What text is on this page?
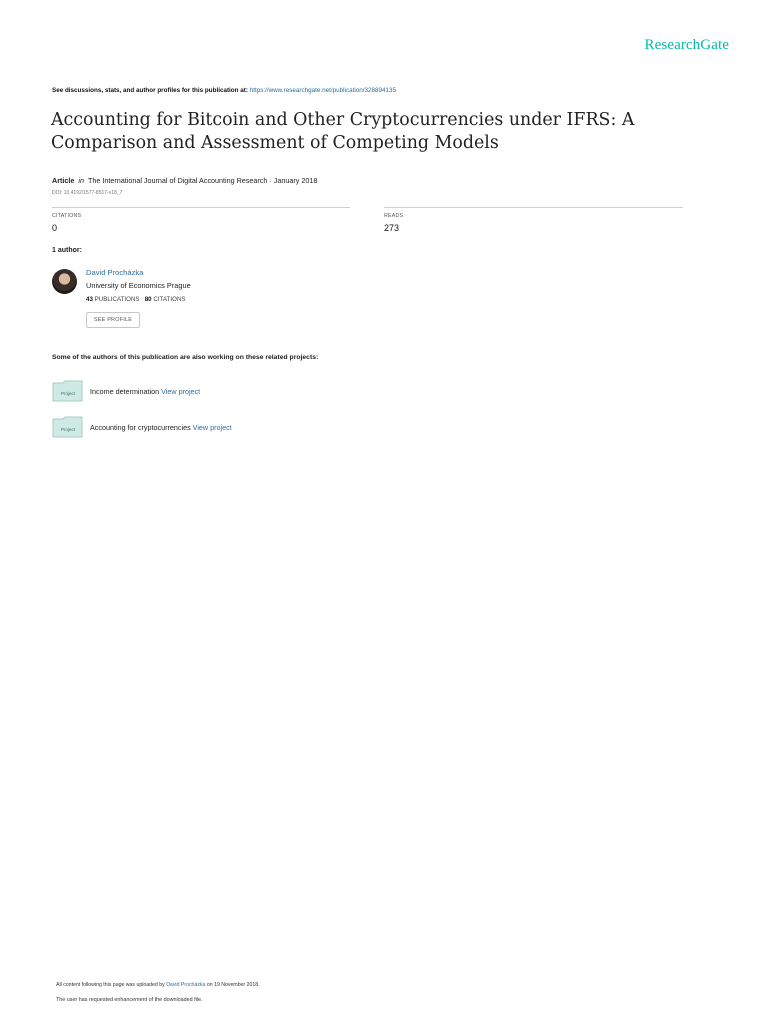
ResearchGate
See discussions, stats, and author profiles for this publication at: https://www.researchgate.net/publication/328894135
Accounting for Bitcoin and Other Cryptocurrencies under IFRS: A Comparison and Assessment of Competing Models
Article in The International Journal of Digital Accounting Research · January 2018
DOI: 10.4192/1577-8517-v18_7
CITATIONS
0
READS
273
1 author:
David Procházka
University of Economics Prague
43 PUBLICATIONS 80 CITATIONS
SEE PROFILE
Some of the authors of this publication are also working on these related projects:
Project Income determination View project
Project Accounting for cryptocurrencies View project
All content following this page was uploaded by David Procházka on 19 November 2018.
The user has requested enhancement of the downloaded file.
